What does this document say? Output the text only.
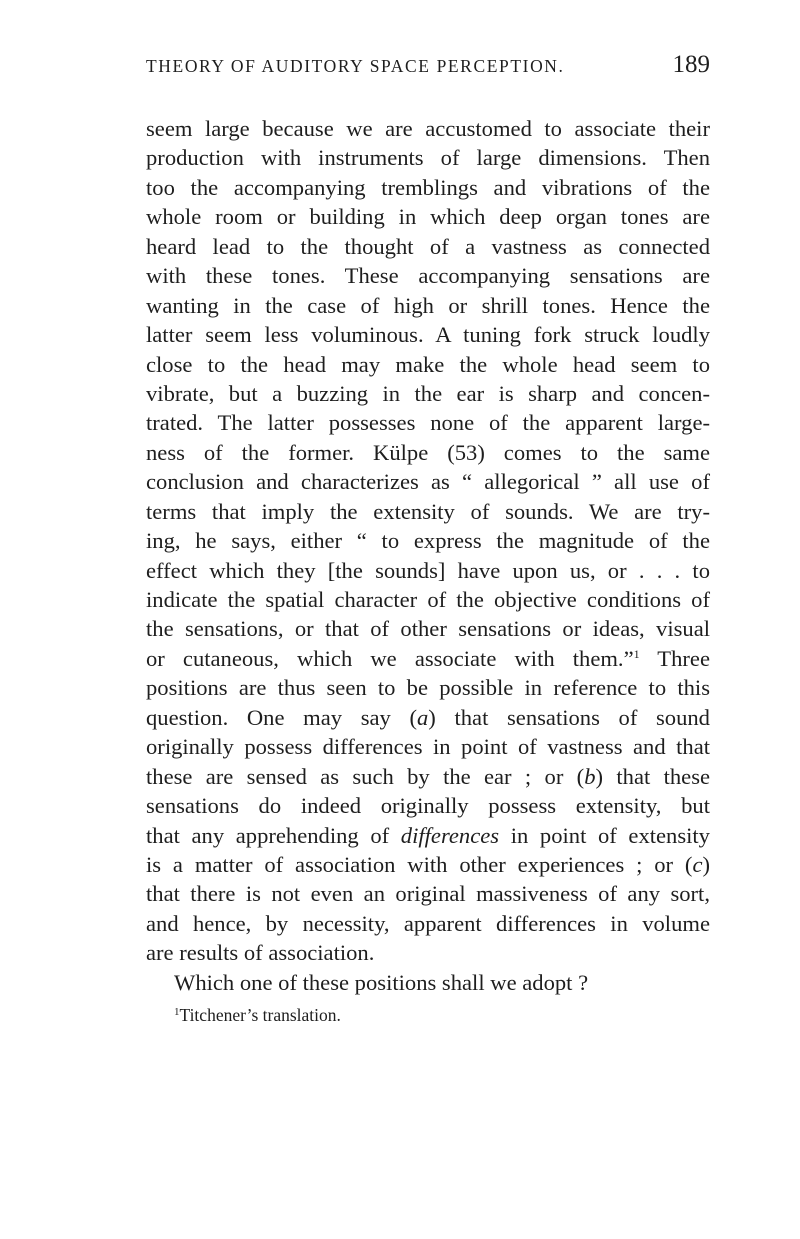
THEORY OF AUDITORY SPACE PERCEPTION.	189
seem large because we are accustomed to associate their
production with instruments of large dimensions. Then
too the accompanying tremblings and vibrations of the
whole room or building in which deep organ tones are
heard lead to the thought of a vastness as connected
with these tones. These accompanying sensations are
wanting in the case of high or shrill tones. Hence the
latter seem less voluminous. A tuning fork struck loudly
close to the head may make the whole head seem to
vibrate, but a buzzing in the ear is sharp and concen-
trated. The latter possesses none of the apparent large-
ness of the former. Külpe (53) comes to the same
conclusion and characterizes as “ allegorical ” all use of
terms that imply the extensity of sounds. We are try-
ing, he says, either “ to express the magnitude of the
effect which they [the sounds] have upon us, or . . . to
indicate the spatial character of the objective conditions of
the sensations, or that of other sensations or ideas, visual
or cutaneous, which we associate with them.”$^1$ Three
positions are thus seen to be possible in reference to this
question. One may say (a) that sensations of sound
originally possess differences in point of vastness and that
these are sensed as such by the ear ; or (b) that these
sensations do indeed originally possess extensity, but
that any apprehending of differences in point of extensity
is a matter of association with other experiences ; or (c)
that there is not even an original massiveness of any sort,
and hence, by necessity, apparent differences in volume
are results of association.
Which one of these positions shall we adopt ?
$^1$Titchener’s translation.
